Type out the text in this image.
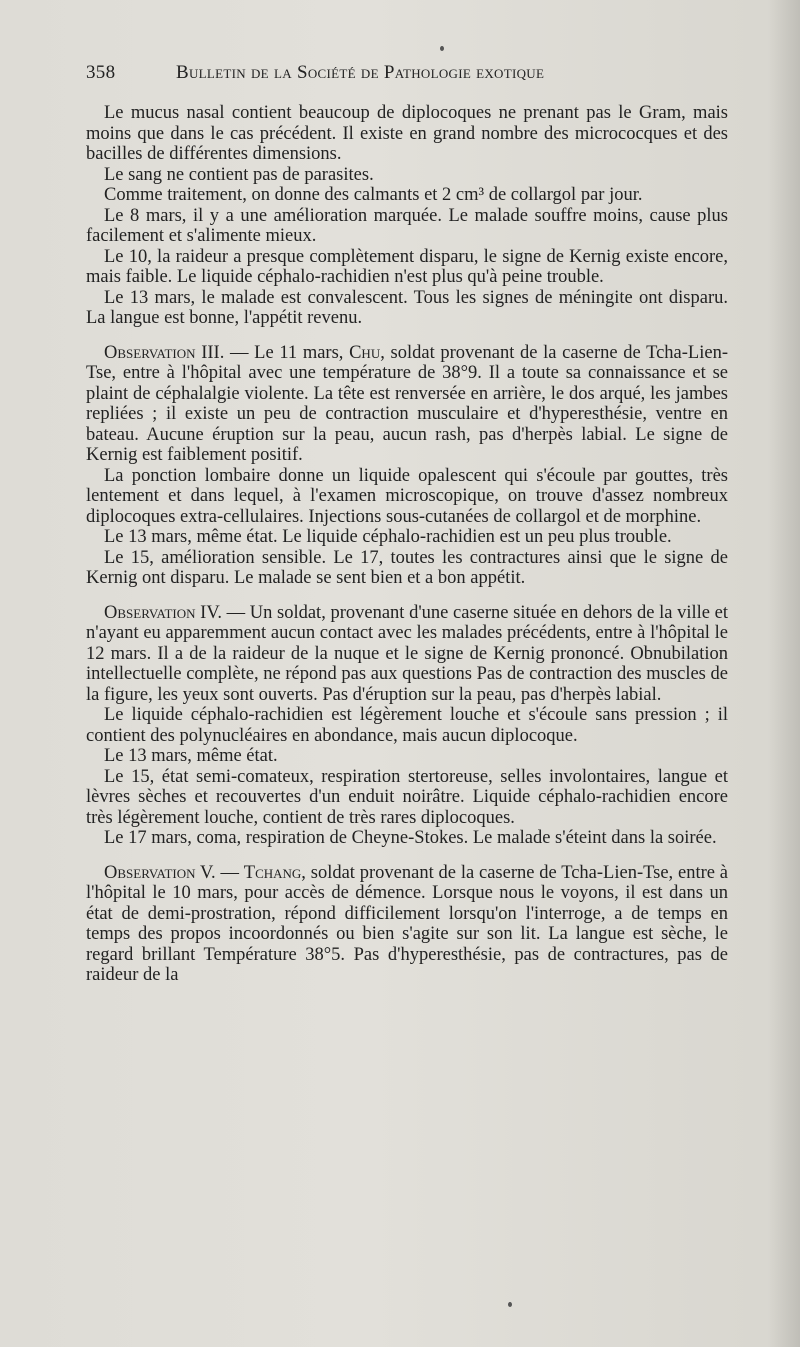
358	Bulletin de la Société de Pathologie exotique

Le mucus nasal contient beaucoup de diplocoques ne prenant pas le Gram, mais moins que dans le cas précédent. Il existe en grand nombre des micrococques et des bacilles de différentes dimensions.

Le sang ne contient pas de parasites.

Comme traitement, on donne des calmants et 2 cm³ de collargol par jour.

Le 8 mars, il y a une amélioration marquée. Le malade souffre moins, cause plus facilement et s'alimente mieux.

Le 10, la raideur a presque complètement disparu, le signe de Kernig existe encore, mais faible. Le liquide céphalo-rachidien n'est plus qu'à peine trouble.

Le 13 mars, le malade est convalescent. Tous les signes de méningite ont disparu. La langue est bonne, l'appétit revenu.

Observation III. — Le 11 mars, Chu, soldat provenant de la caserne de Tcha-Lien-Tse, entre à l'hôpital avec une température de 38°9. Il a toute sa connaissance et se plaint de céphalalgie violente. La tête est renversée en arrière, le dos arqué, les jambes repliées ; il existe un peu de contraction musculaire et d'hyperesthésie, ventre en bateau. Aucune éruption sur la peau, aucun rash, pas d'herpès labial. Le signe de Kernig est faiblement positif.

La ponction lombaire donne un liquide opalescent qui s'écoule par gouttes, très lentement et dans lequel, à l'examen microscopique, on trouve d'assez nombreux diplocoques extra-cellulaires. Injections sous-cutanées de collargol et de morphine.

Le 13 mars, même état. Le liquide céphalo-rachidien est un peu plus trouble.

Le 15, amélioration sensible. Le 17, toutes les contractures ainsi que le signe de Kernig ont disparu. Le malade se sent bien et a bon appétit.

Observation IV. — Un soldat, provenant d'une caserne située en dehors de la ville et n'ayant eu apparemment aucun contact avec les malades précédents, entre à l'hôpital le 12 mars. Il a de la raideur de la nuque et le signe de Kernig prononcé. Obnubilation intellectuelle complète, ne répond pas aux questions Pas de contraction des muscles de la figure, les yeux sont ouverts. Pas d'éruption sur la peau, pas d'herpès labial.

Le liquide céphalo-rachidien est légèrement louche et s'écoule sans pression ; il contient des polynucléaires en abondance, mais aucun diplocoque.

Le 13 mars, même état.

Le 15, état semi-comateux, respiration stertoreuse, selles involontaires, langue et lèvres sèches et recouvertes d'un enduit noirâtre. Liquide céphalo-rachidien encore très légèrement louche, contient de très rares diplocoques.

Le 17 mars, coma, respiration de Cheyne-Stokes. Le malade s'éteint dans la soirée.

Observation V. — Tchang, soldat provenant de la caserne de Tcha-Lien-Tse, entre à l'hôpital le 10 mars, pour accès de démence. Lorsque nous le voyons, il est dans un état de demi-prostration, répond difficilement lorsqu'on l'interroge, a de temps en temps des propos incoordonnés ou bien s'agite sur son lit. La langue est sèche, le regard brillant Température 38°5. Pas d'hyperesthésie, pas de contractures, pas de raideur de la
